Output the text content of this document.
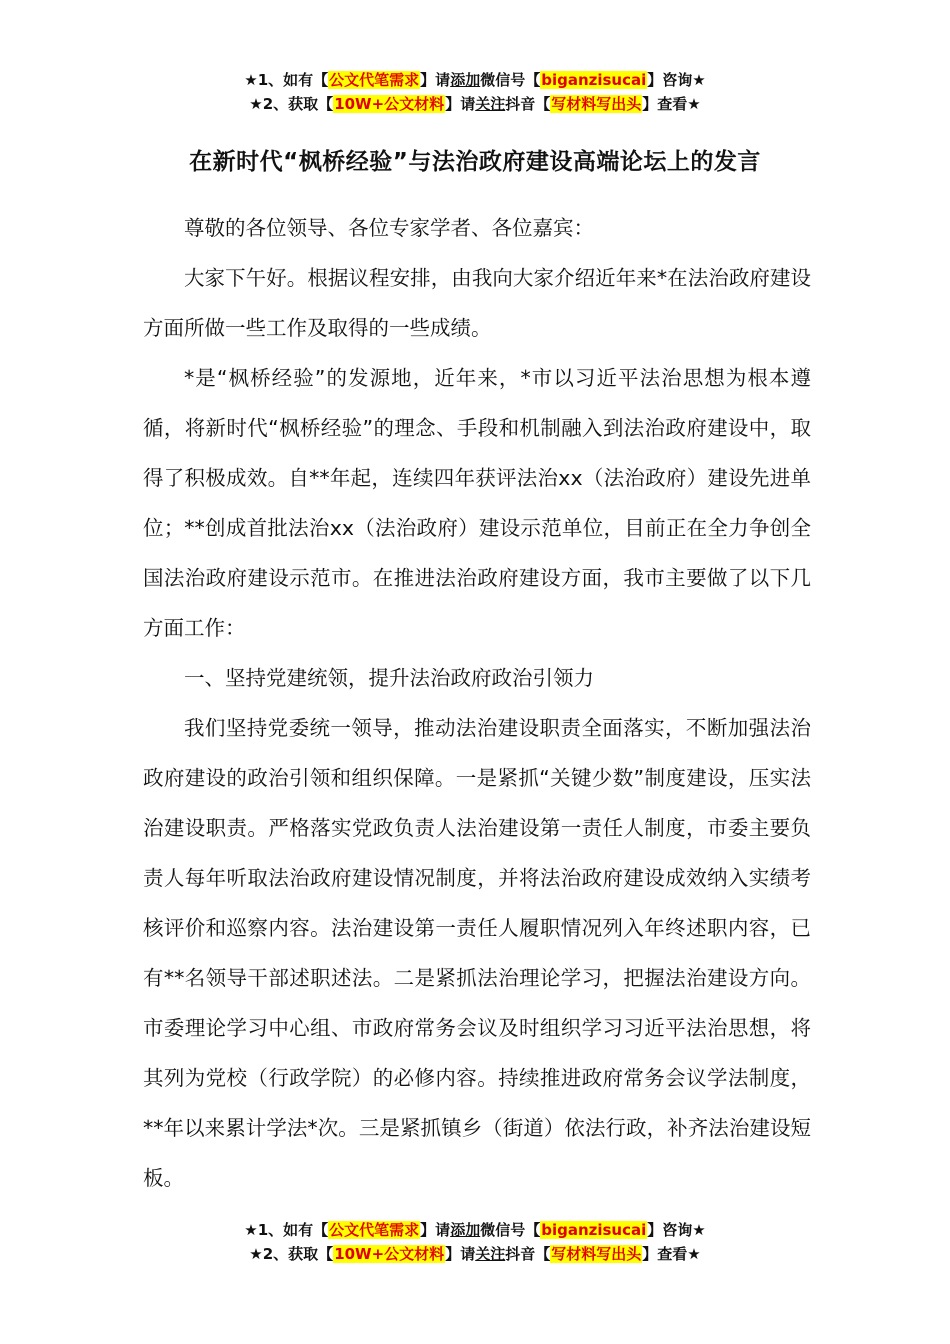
★1、如有【公文代笔需求】请添加微信号【biganzisucai】咨询★
★2、获取【10W+公文材料】请关注抖音【写材料写出头】查看★
在新时代“枫桥经验”与法治政府建设高端论坛上的发言

尊敬的各位领导、各位专家学者、各位嘉宾：

大家下午好。根据议程安排，由我向大家介绍近年来*在法治政府建设方面所做一些工作及取得的一些成绩。

*是“枫桥经验”的发源地，近年来，*市以习近平法治思想为根本遵循，将新时代“枫桥经验”的理念、手段和机制融入到法治政府建设中，取得了积极成效。自**年起，连续四年获评法治xx（法治政府）建设先进单位；**创成首批法治xx（法治政府）建设示范单位，目前正在全力争创全国法治政府建设示范市。在推进法治政府建设方面，我市主要做了以下几方面工作：

一、坚持党建统领，提升法治政府政治引领力

我们坚持党委统一领导，推动法治建设职责全面落实，不断加强法治政府建设的政治引领和组织保障。一是紧抓“关键少数”制度建设，压实法治建设职责。严格落实党政负责人法治建设第一责任人制度，市委主要负责人每年听取法治政府建设情况制度，并将法治政府建设成效纳入实绩考核评价和巡察内容。法治建设第一责任人履职情况列入年终述职内容，已有**名领导干部述职述法。二是紧抓法治理论学习，把握法治建设方向。市委理论学习中心组、市政府常务会议及时组织学习习近平法治思想，将其列为党校（行政学院）的必修内容。持续推进政府常务会议学法制度，**年以来累计学法*次。三是紧抓镇乡（街道）依法行政，补齐法治建设短板。

★1、如有【公文代笔需求】请添加微信号【biganzisucai】咨询★
★2、获取【10W+公文材料】请关注抖音【写材料写出头】查看★
